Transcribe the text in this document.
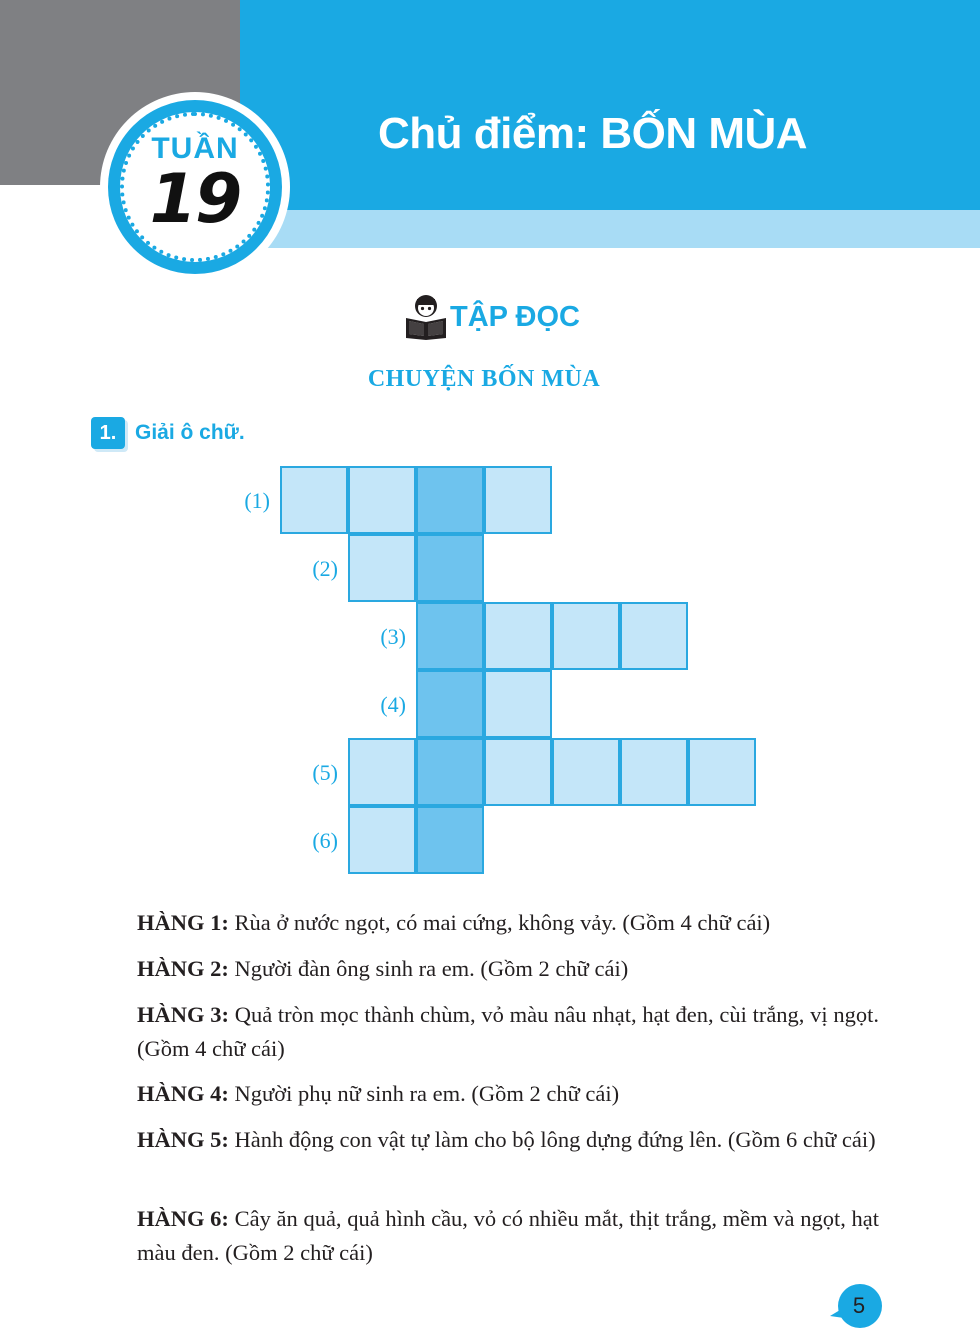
TUẦN
19
Chủ điểm: BỐN MÙA
TẬP ĐỌC
CHUYỆN BỐN MÙA
1. Giải ô chữ.
(1)
(2)
(3)
(4)
(5)
(6)

HÀNG 1: Rùa ở nước ngọt, có mai cứng, không vảy. (Gồm 4 chữ cái)

HÀNG 2: Người đàn ông sinh ra em. (Gồm 2 chữ cái)

HÀNG 3: Quả tròn mọc thành chùm, vỏ màu nâu nhạt, hạt đen, cùi trắng, vị ngọt. (Gồm 4 chữ cái)

HÀNG 4: Người phụ nữ sinh ra em. (Gồm 2 chữ cái)

HÀNG 5: Hành động con vật tự làm cho bộ lông dựng đứng lên. (Gồm 6 chữ cái)

HÀNG 6: Cây ăn quả, quả hình cầu, vỏ có nhiều mắt, thịt trắng, mềm và ngọt, hạt màu đen. (Gồm 2 chữ cái)

5
